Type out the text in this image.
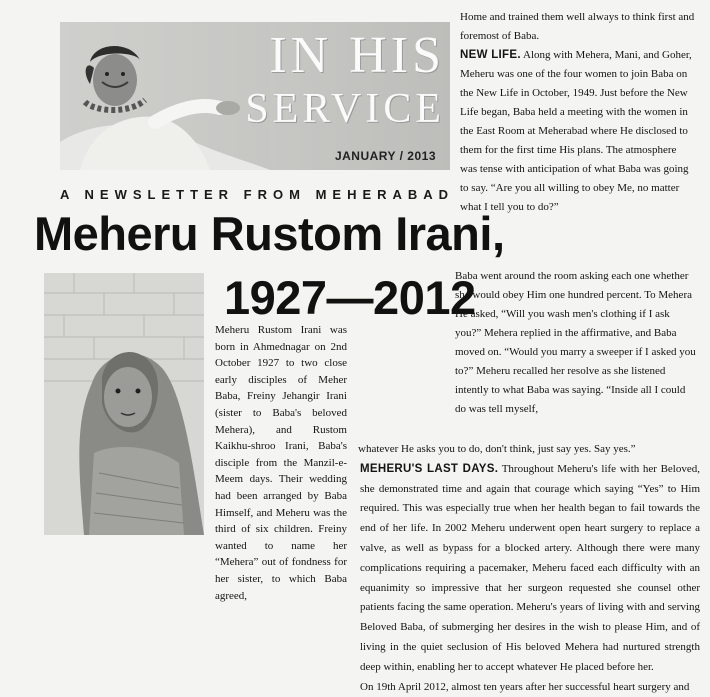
IN HIS
SERVICE
JANUARY / 2013
A NEWSLETTER FROM MEHERABAD
Meheru Rustom Irani,
1927—2012

Meheru Rustom Irani was born in Ahmednagar on 2nd October 1927 to two close early disciples of Meher Baba, Freiny Jehangir Irani (sister to Baba's beloved Mehera), and Rustom Kaikhu-shroo Irani, Baba's disciple from the Manzil-e-Meem days. Their wedding had been arranged by Baba Himself, and Meheru was the third of six children. Freiny wanted to name her “Mehera” out of fondness for her sister, to which Baba agreed,

Home and trained them well always to think first and foremost of Baba.

NEW LIFE. Along with Mehera, Mani, and Goher, Meheru was one of the four women to join Baba on the New Life in October, 1949. Just before the New Life began, Baba held a meeting with the women in the East Room at Meherabad where He disclosed to them for the first time His plans. The atmosphere was tense with anticipation of what Baba was going to say. “Are you all willing to obey Me, no matter what I tell you to do?”

Baba went around the room asking each one whether she would obey Him one hundred percent. To Mehera He asked, “Will you wash men's clothing if I ask you?” Mehera replied in the affirmative, and Baba moved on. “Would you marry a sweeper if I asked you to?” Meheru recalled her resolve as she listened intently to what Baba was saying. “Inside all I could do was tell myself,

whatever He asks you to do, don't think, just say yes. Say yes.”

MEHERU'S LAST DAYS. Throughout Meheru's life with her Beloved, she demonstrated time and again that courage which saying “Yes” to Him required. This was especially true when her health began to fail towards the end of her life. In 2002 Meheru underwent open heart surgery to replace a valve, as well as bypass for a blocked artery. Although there were many complications requiring a pacemaker, Meheru faced each difficulty with an equanimity so impressive that her surgeon requested she counsel other patients facing the same operation. Meheru's years of living with and serving Beloved Baba, of submerging her desires in the wish to please Him, and of living in the quiet seclusion of His beloved Mehera had nurtured strength deep within, enabling her to accept whatever He placed before her.

On 19th April 2012, almost ten years after her successful heart surgery and
